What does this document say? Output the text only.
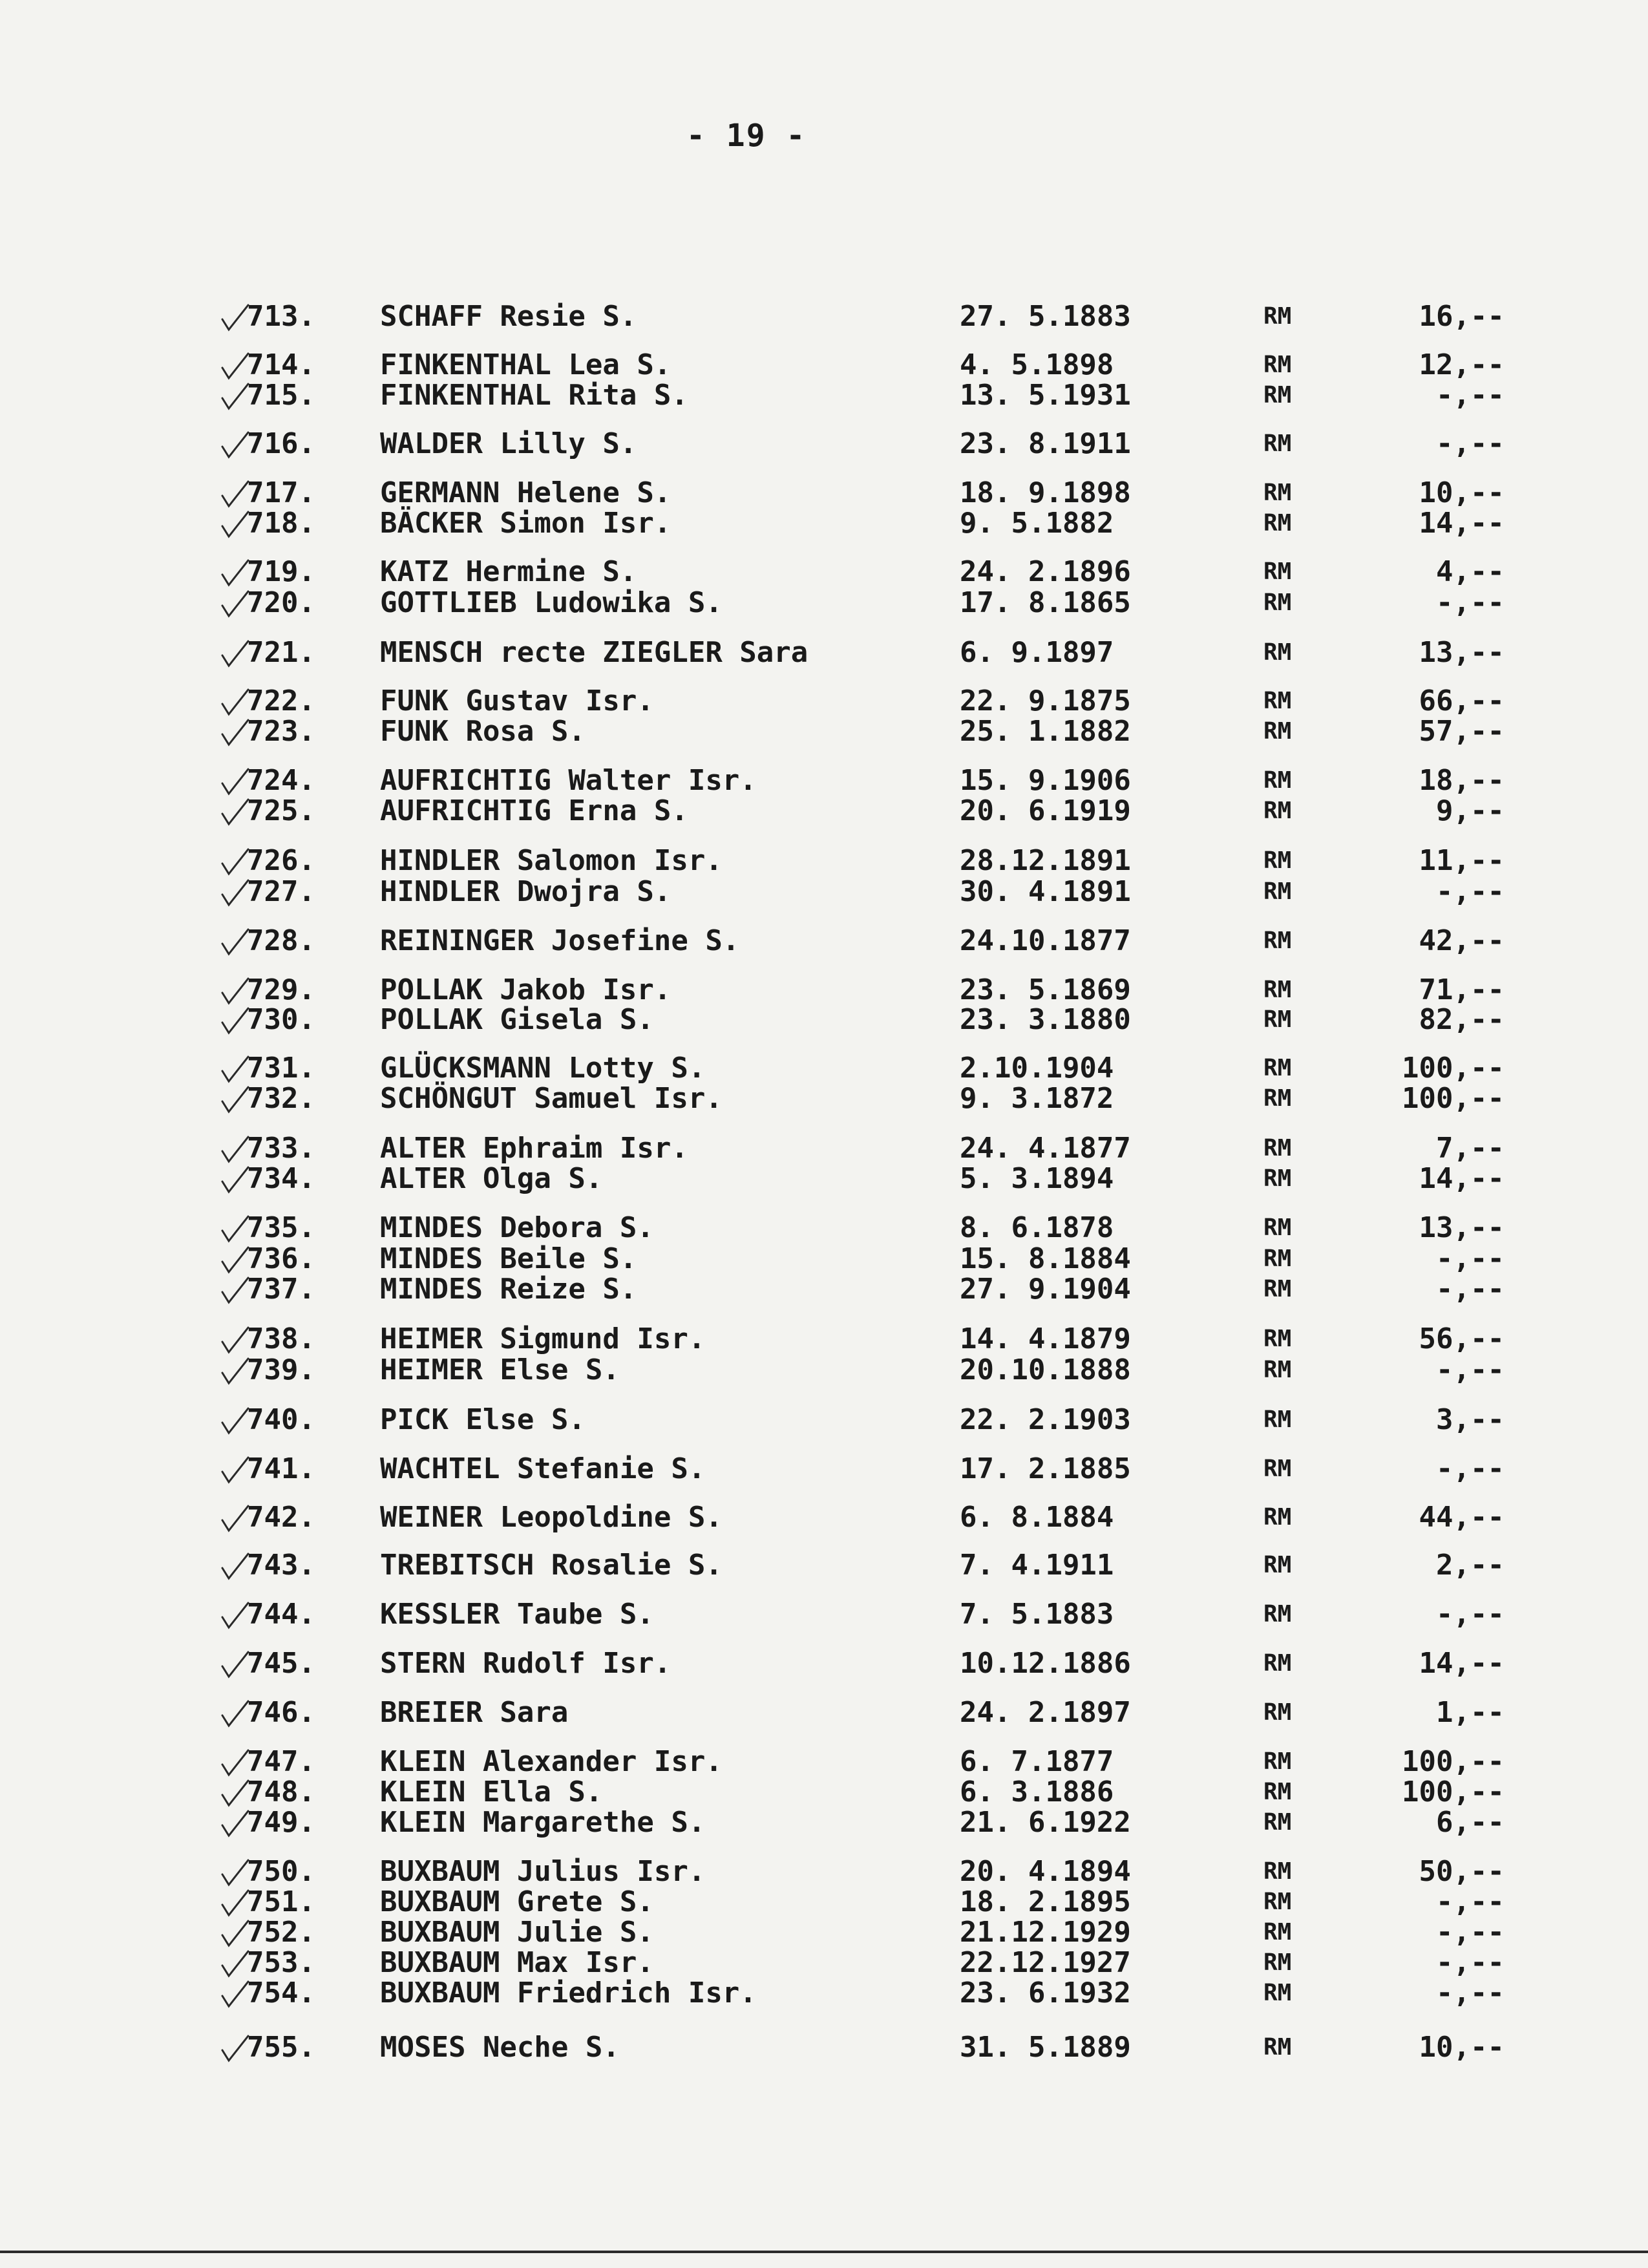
- 19 -
713.	SCHAFF Resie S.	27. 5.1883	RM	16,--
714.	FINKENTHAL Lea S.	4. 5.1898	RM	12,--
715.	FINKENTHAL Rita S.	13. 5.1931	RM	-,--
716.	WALDER Lilly S.	23. 8.1911	RM	-,--
717.	GERMANN Helene S.	18. 9.1898	RM	10,--
718.	BÄCKER Simon Isr.	9. 5.1882	RM	14,--
719.	KATZ Hermine S.	24. 2.1896	RM	4,--
720.	GOTTLIEB Ludowika S.	17. 8.1865	RM	-,--
721.	MENSCH recte ZIEGLER Sara	6. 9.1897	RM	13,--
722.	FUNK Gustav Isr.	22. 9.1875	RM	66,--
723.	FUNK Rosa S.	25. 1.1882	RM	57,--
724.	AUFRICHTIG Walter Isr.	15. 9.1906	RM	18,--
725.	AUFRICHTIG Erna S.	20. 6.1919	RM	9,--
726.	HINDLER Salomon Isr.	28.12.1891	RM	11,--
727.	HINDLER Dwojra S.	30. 4.1891	RM	-,--
728.	REININGER Josefine S.	24.10.1877	RM	42,--
729.	POLLAK Jakob Isr.	23. 5.1869	RM	71,--
730.	POLLAK Gisela S.	23. 3.1880	RM	82,--
731.	GLÜCKSMANN Lotty S.	2.10.1904	RM	100,--
732.	SCHÖNGUT Samuel Isr.	9. 3.1872	RM	100,--
733.	ALTER Ephraim Isr.	24. 4.1877	RM	7,--
734.	ALTER Olga S.	5. 3.1894	RM	14,--
735.	MINDES Debora S.	8. 6.1878	RM	13,--
736.	MINDES Beile S.	15. 8.1884	RM	-,--
737.	MINDES Reize S.	27. 9.1904	RM	-,--
738.	HEIMER Sigmund Isr.	14. 4.1879	RM	56,--
739.	HEIMER Else S.	20.10.1888	RM	-,--
740.	PICK Else S.	22. 2.1903	RM	3,--
741.	WACHTEL Stefanie S.	17. 2.1885	RM	-,--
742.	WEINER Leopoldine S.	6. 8.1884	RM	44,--
743.	TREBITSCH Rosalie S.	7. 4.1911	RM	2,--
744.	KESSLER Taube S.	7. 5.1883	RM	-,--
745.	STERN Rudolf Isr.	10.12.1886	RM	14,--
746.	BREIER Sara	24. 2.1897	RM	1,--
747.	KLEIN Alexander Isr.	6. 7.1877	RM	100,--
748.	KLEIN Ella S.	6. 3.1886	RM	100,--
749.	KLEIN Margarethe S.	21. 6.1922	RM	6,--
750.	BUXBAUM Julius Isr.	20. 4.1894	RM	50,--
751.	BUXBAUM Grete S.	18. 2.1895	RM	-,--
752.	BUXBAUM Julie S.	21.12.1929	RM	-,--
753.	BUXBAUM Max Isr.	22.12.1927	RM	-,--
754.	BUXBAUM Friedrich Isr.	23. 6.1932	RM	-,--
755.	MOSES Neche S.	31. 5.1889	RM	10,--
